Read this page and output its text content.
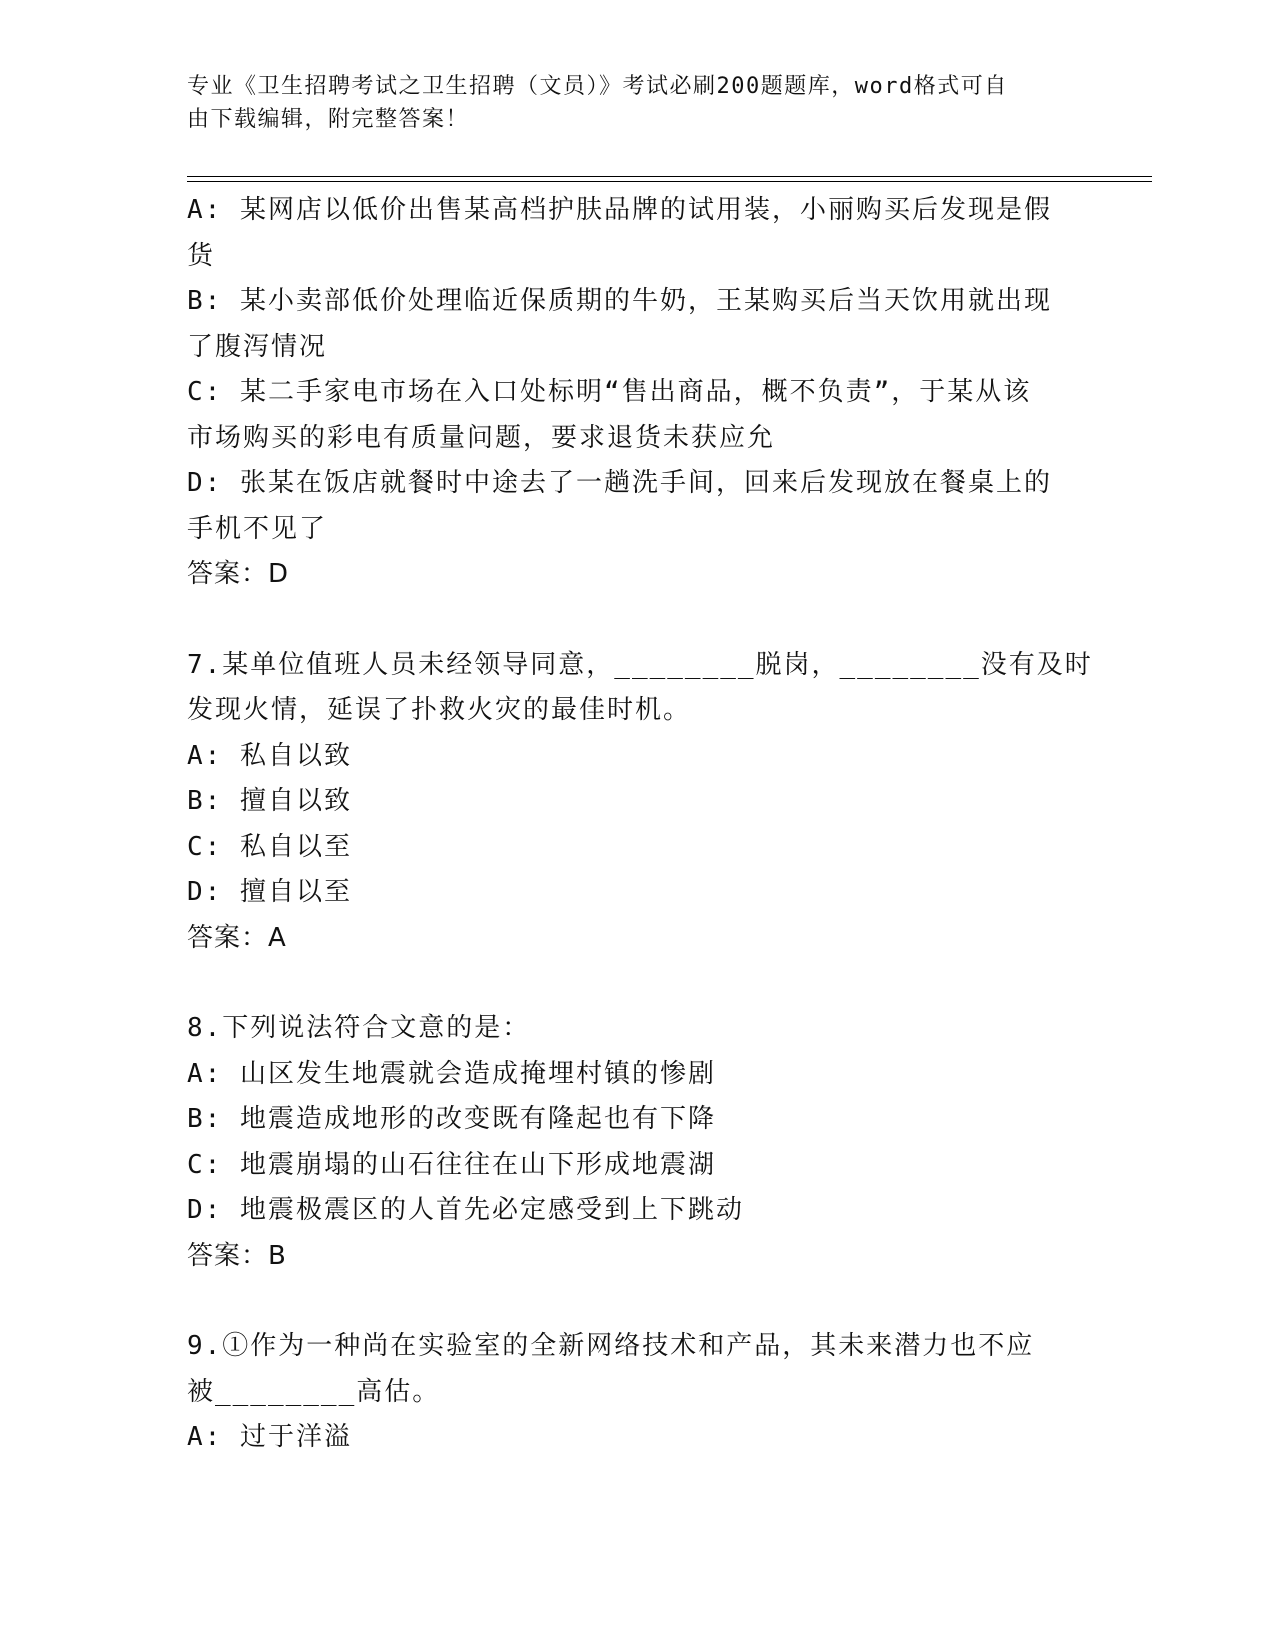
专业《卫生招聘考试之卫生招聘（文员）》考试必刷200题题库，word格式可自
由下载编辑，附完整答案！
A: 某网店以低价出售某高档护肤品牌的试用装，小丽购买后发现是假
货
B: 某小卖部低价处理临近保质期的牛奶，王某购买后当天饮用就出现
了腹泻情况
C: 某二手家电市场在入口处标明“售出商品，概不负责”，于某从该
市场购买的彩电有质量问题，要求退货未获应允
D: 张某在饭店就餐时中途去了一趟洗手间，回来后发现放在餐桌上的
手机不见了
答案：D
7.某单位值班人员未经领导同意，________脱岗，________没有及时
发现火情，延误了扑救火灾的最佳时机。
A: 私自以致
B: 擅自以致
C: 私自以至
D: 擅自以至
答案：A
8.下列说法符合文意的是：
A: 山区发生地震就会造成掩埋村镇的惨剧
B: 地震造成地形的改变既有隆起也有下降
C: 地震崩塌的山石往往在山下形成地震湖
D: 地震极震区的人首先必定感受到上下跳动
答案：B
9.①作为一种尚在实验室的全新网络技术和产品，其未来潜力也不应
被________高估。
A: 过于洋溢
